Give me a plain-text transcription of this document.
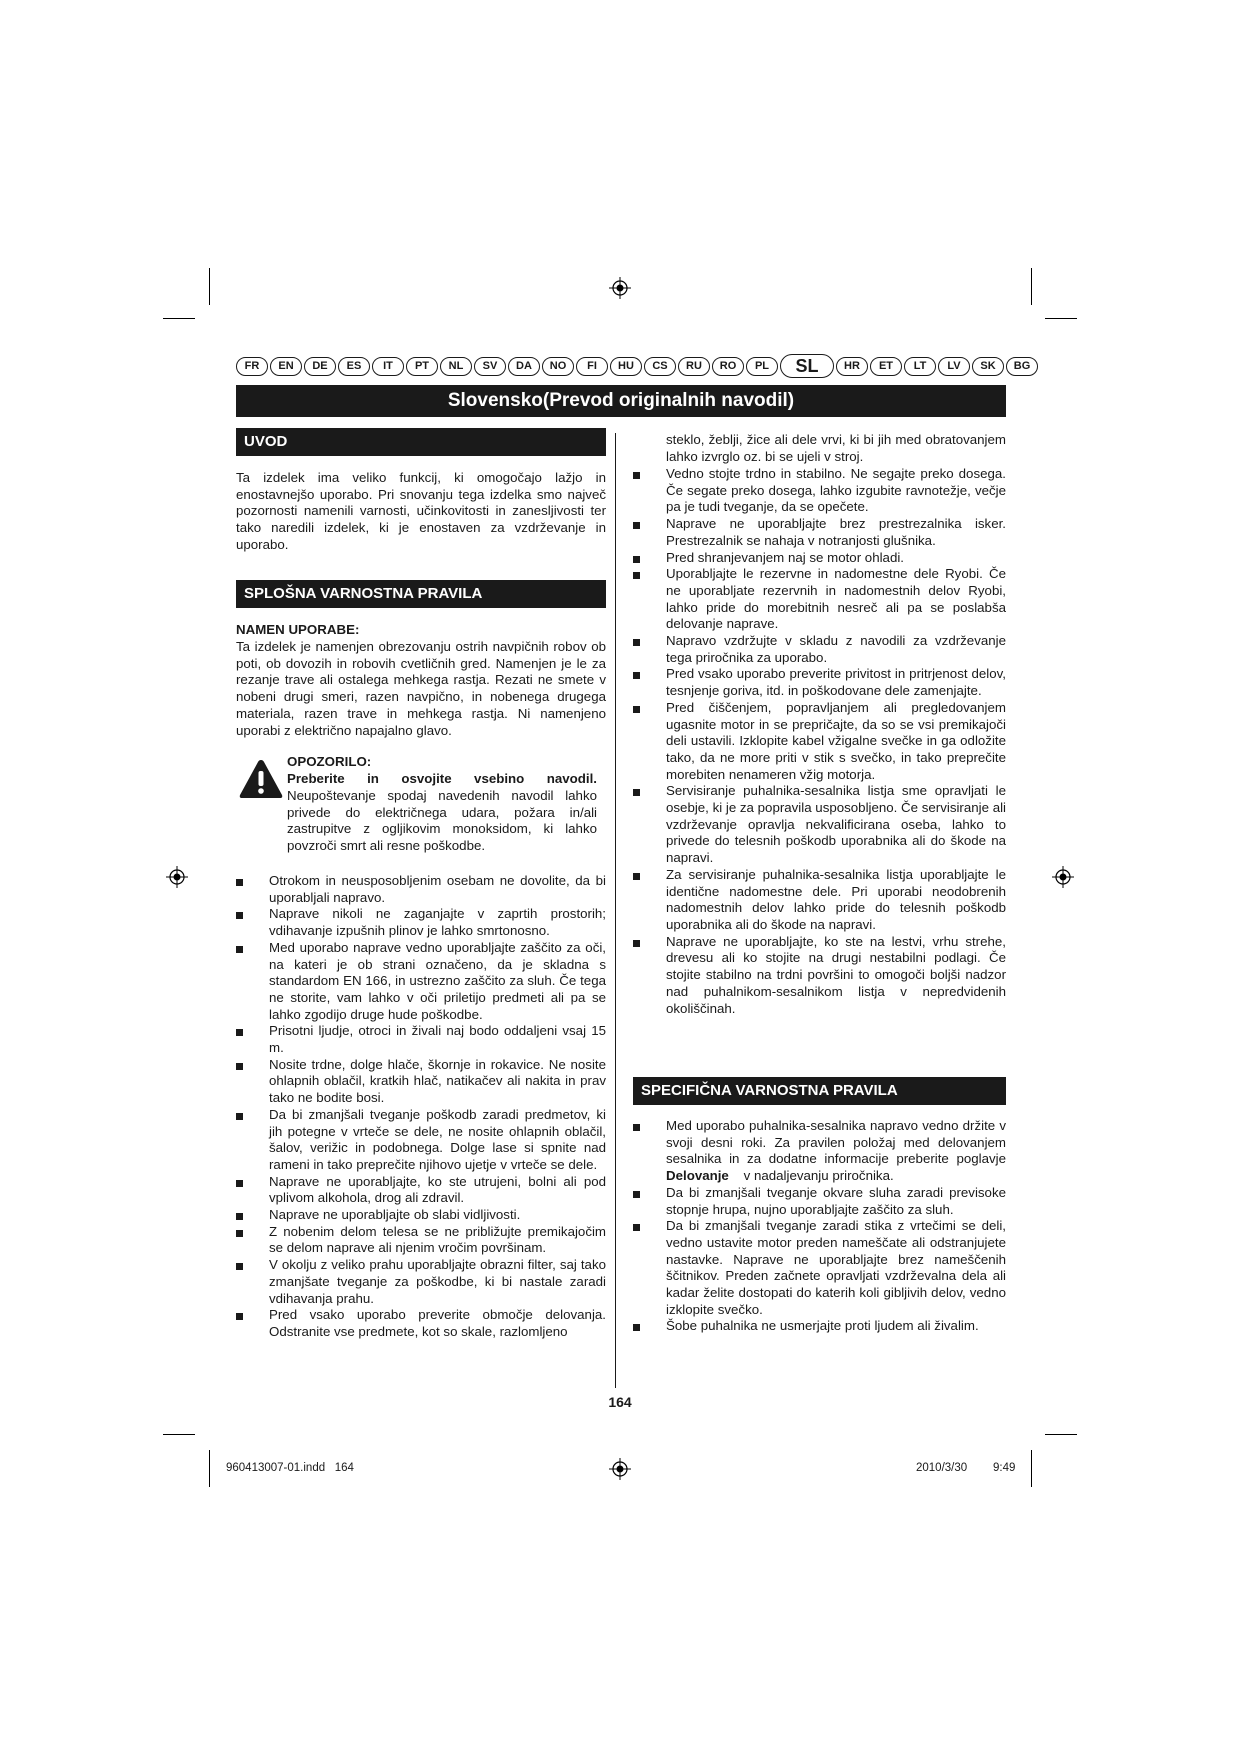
FR	EN	DE	ES	IT	PT	NL	SV	DA	NO	FI	HU	CS	RU	RO	PL	SL	HR	ET	LT	LV	SK	BG
Slovensko(Prevod originalnih navodil)
UVOD
Ta izdelek ima veliko funkcij, ki omogočajo lažjo in enostavnejšo uporabo. Pri snovanju tega izdelka smo največ pozornosti namenili varnosti, učinkovitosti in zanesljivosti ter tako naredili izdelek, ki je enostaven za vzdrževanje in uporabo.
SPLOŠNA VARNOSTNA PRAVILA
NAMEN UPORABE:
Ta izdelek je namenjen obrezovanju ostrih navpičnih robov ob poti, ob dovozih in robovih cvetličnih gred. Namenjen je le za rezanje trave ali ostalega mehkega rastja. Rezati ne smete v nobeni drugi smeri, razen navpično, in nobenega drugega materiala, razen trave in mehkega rastja. Ni namenjeno uporabi z električno napajalno glavo.
OPOZORILO:
Preberite in osvojite vsebino navodil.
Neupoštevanje spodaj navedenih navodil lahko privede do električnega udara, požara in/ali zastrupitve z ogljikovim monoksidom, ki lahko povzroči smrt ali resne poškodbe.
Otrokom in neusposobljenim osebam ne dovolite, da bi uporabljali napravo.
Naprave nikoli ne zaganjajte v zaprtih prostorih; vdihavanje izpušnih plinov je lahko smrtonosno.
Med uporabo naprave vedno uporabljajte zaščito za oči, na kateri je ob strani označeno, da je skladna s standardom EN 166, in ustrezno zaščito za sluh. Če tega ne storite, vam lahko v oči priletijo predmeti ali pa se lahko zgodijo druge hude poškodbe.
Prisotni ljudje, otroci in živali naj bodo oddaljeni vsaj 15 m.
Nosite trdne, dolge hlače, škornje in rokavice. Ne nosite ohlapnih oblačil, kratkih hlač, natikačev ali nakita in prav tako ne bodite bosi.
Da bi zmanjšali tveganje poškodb zaradi predmetov, ki jih potegne v vrteče se dele, ne nosite ohlapnih oblačil, šalov, verižic in podobnega. Dolge lase si spnite nad rameni in tako preprečite njihovo ujetje v vrteče se dele.
Naprave ne uporabljajte, ko ste utrujeni, bolni ali pod vplivom alkohola, drog ali zdravil.
Naprave ne uporabljajte ob slabi vidljivosti.
Z nobenim delom telesa se ne približujte premikajočim se delom naprave ali njenim vročim površinam.
V okolju z veliko prahu uporabljajte obrazni filter, saj tako zmanjšate tveganje za poškodbe, ki bi nastale zaradi vdihavanja prahu.
Pred vsako uporabo preverite območje delovanja. Odstranite vse predmete, kot so skale, razlomljeno
steklo, žeblji, žice ali dele vrvi, ki bi jih med obratovanjem lahko izvrglo oz. bi se ujeli v stroj.
Vedno stojte trdno in stabilno. Ne segajte preko dosega. Če segate preko dosega, lahko izgubite ravnotežje, večje pa je tudi tveganje, da se opečete.
Naprave ne uporabljajte brez prestrezalnika isker. Prestrezalnik se nahaja v notranjosti glušnika.
Pred shranjevanjem naj se motor ohladi.
Uporabljajte le rezervne in nadomestne dele Ryobi. Če ne uporabljate rezervnih in nadomestnih delov Ryobi, lahko pride do morebitnih nesreč ali pa se poslabša delovanje naprave.
Napravo vzdržujte v skladu z navodili za vzdrževanje tega priročnika za uporabo.
Pred vsako uporabo preverite privitost in pritrjenost delov, tesnjenje goriva, itd. in poškodovane dele zamenjajte.
Pred čiščenjem, popravljanjem ali pregledovanjem ugasnite motor in se prepričajte, da so se vsi premikajoči deli ustavili. Izklopite kabel vžigalne svečke in ga odložite tako, da ne more priti v stik s svečko, in tako preprečite morebiten nenameren vžig motorja.
Servisiranje puhalnika-sesalnika listja sme opravljati le osebje, ki je za popravila usposobljeno. Če servisiranje ali vzdrževanje opravlja nekvalificirana oseba, lahko to privede do telesnih poškodb uporabnika ali do škode na napravi.
Za servisiranje puhalnika-sesalnika listja uporabljajte le identične nadomestne dele. Pri uporabi neodobrenih nadomestnih delov lahko pride do telesnih poškodb uporabnika ali do škode na napravi.
Naprave ne uporabljajte, ko ste na lestvi, vrhu strehe, drevesu ali ko stojite na drugi nestabilni podlagi. Če stojite stabilno na trdni površini to omogoči boljši nadzor nad puhalnikom-sesalnikom listja v nepredvidenih okoliščinah.
SPECIFIČNA VARNOSTNA PRAVILA
Med uporabo puhalnika-sesalnika napravo vedno držite v svoji desni roki. Za pravilen položaj med delovanjem sesalnika in za dodatne informacije preberite poglavje Delovanje v nadaljevanju priročnika.
Da bi zmanjšali tveganje okvare sluha zaradi previsoke stopnje hrupa, nujno uporabljajte zaščito za sluh.
Da bi zmanjšali tveganje zaradi stika z vrtečimi se deli, vedno ustavite motor preden nameščate ali odstranjujete nastavke. Naprave ne uporabljajte brez nameščenih ščitnikov. Preden začnete opravljati vzdrževalna dela ali kadar želite dostopati do katerih koli gibljivih delov, vedno izklopite svečko.
Šobe puhalnika ne usmerjajte proti ljudem ali živalim.
164
960413007-01.indd   164	2010/3/30 9:49
